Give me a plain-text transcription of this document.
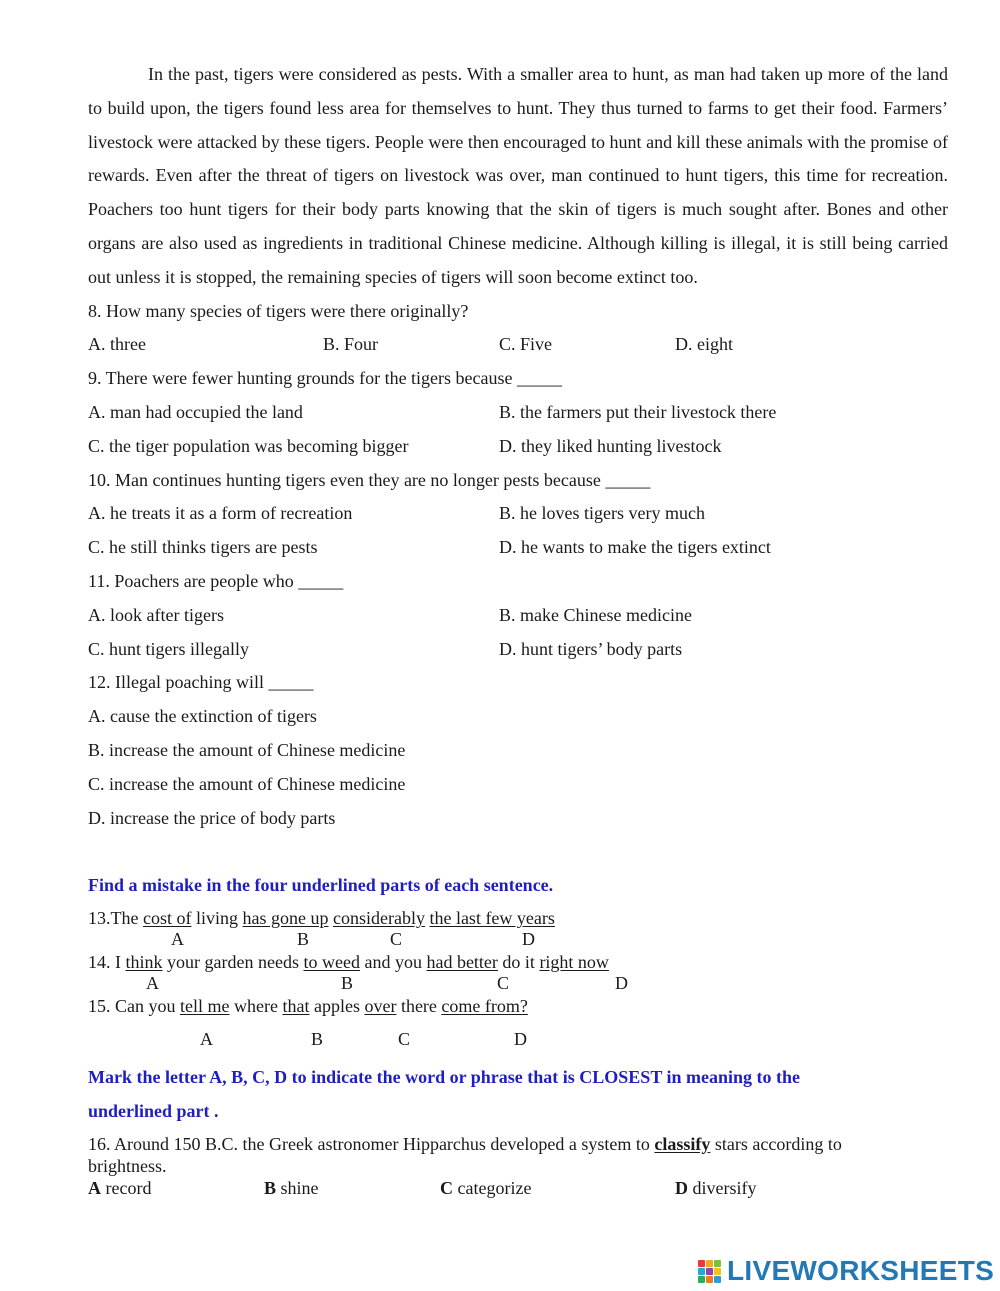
In the past, tigers were considered as pests. With a smaller area to hunt, as man had taken up more of the land to build upon, the tigers found less area for themselves to hunt. They thus turned to farms to get their food. Farmers’ livestock were attacked by these tigers. People were then encouraged to hunt and kill these animals with the promise of rewards. Even after the threat of tigers on livestock was over, man continued to hunt tigers, this time for recreation. Poachers too hunt tigers for their body parts knowing that the skin of tigers is much sought after. Bones and other organs are also used as ingredients in traditional Chinese medicine. Although killing is illegal, it is still being carried out unless it is stopped, the remaining species of tigers will soon become extinct too.

8. How many species of tigers were there originally?
A. three	B. Four	C. Five	D. eight
9. There were fewer hunting grounds for the tigers because _____
A. man had occupied the land	B. the farmers put their livestock there
C. the tiger population was becoming bigger	D. they liked hunting livestock
10. Man continues hunting tigers even they are no longer pests because _____
A. he treats it as a form of recreation	B. he loves tigers very much
C. he still thinks tigers are pests	D. he wants to make the tigers extinct
11. Poachers are people who _____
A. look after tigers	B. make Chinese medicine
C. hunt tigers illegally	D. hunt tigers’ body parts
12. Illegal poaching will _____
A. cause the extinction of tigers
B. increase the amount of Chinese medicine
C. increase the amount of Chinese medicine
D. increase the price of body parts
Find a mistake in the four underlined parts of each sentence.
13.The cost of living has gone up considerably the last few years
A	B	C	D
14. I think your garden needs to weed and you had better do it right now
A	B	C	D
15. Can you tell me where that apples over there come from?
A	B	C	D
Mark the letter A, B, C, D to indicate the word or phrase that is CLOSEST in meaning to the
underlined part .
16. Around 150 B.C. the Greek astronomer Hipparchus developed a system to classify stars according to
brightness.
A record	B shine	C categorize	D diversify
LIVEWORKSHEETS
